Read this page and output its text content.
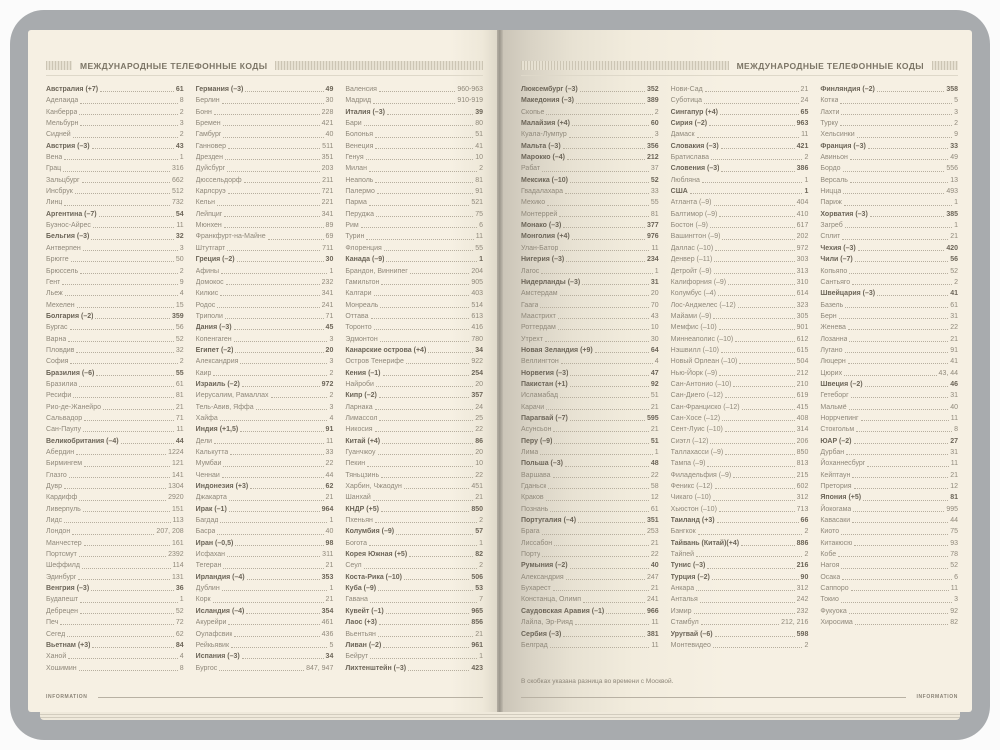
МЕЖДУНАРОДНЫЕ ТЕЛЕФОННЫЕ КОДЫ
Австралия (+7)	61
Аделаида	8
Канберра	2
Мельбурн	3
Сидней	2
Австрия (–3)	43
Вена	1
Грац	316
Зальцбург	662
Инсбрук	512
Линц	732
Аргентина (–7)	54
Буэнос-Айрес	11
Бельгия (–3)	32
Антверпен	3
Брюгге	50
Брюссель	2
Гент	9
Льеж	4
Мехелен	15
Болгария (–2)	359
Бургас	56
Варна	52
Пловдив	32
София	2
Бразилия (–6)	55
Бразилиа	61
Ресифи	81
Рио-де-Жанейро	21
Сальвадор	71
Сан-Паулу	11
Великобритания (–4)	44
Абердин	1224
Бирмингем	121
Глазго	141
Дувр	1304
Кардифф	2920
Ливерпуль	151
Лидс	113
Лондон	207, 208
Манчестер	161
Портсмут	2392
Шеффилд	114
Эдинбург	131
Венгрия (–3)	36
Будапешт	1
Дебрецен	52
Печ	72
Сегед	62
Вьетнам (+3)	84
Ханой	4
Хошимин	8
Германия (–3)	49
Берлин	30
Бонн	228
Бремен	421
Гамбург	40
Ганновер	511
Дрезден	351
Дуйсбург	203
Дюссельдорф	211
Карлсруэ	721
Кельн	221
Лейпциг	341
Мюнхен	89
Франкфурт-на-Майне	69
Штутгарт	711
Греция (–2)	30
Афины	1
Домокос	232
Килкис	341
Родос	241
Триполи	71
Дания (–3)	45
Копенгаген	3
Египет (–2)	20
Александрия	3
Каир	2
Израиль (–2)	972
Иерусалим, Рамаллах	2
Тель-Авив, Яффа	3
Хайфа	4
Индия (+1,5)	91
Дели	11
Калькутта	33
Мумбаи	22
Ченнаи	44
Индонезия (+3)	62
Джакарта	21
Ирак (–1)	964
Багдад	1
Басра	40
Иран (–0,5)	98
Исфахан	311
Тегеран	21
Ирландия (–4)	353
Дублин	1
Корк	21
Исландия (–4)	354
Акурейри	461
Оулафсвик	436
Рейкьявик	5
Испания (–3)	34
Бургос	847, 947
Валенсия	960-963
Мадрид	910-919
Италия (–3)	39
Бари	80
Болонья	51
Венеция	41
Генуя	10
Милан	2
Неаполь	81
Палермо	91
Парма	521
Перуджа	75
Рим	6
Турин	11
Флоренция	55
Канада (–9)	1
Брандон, Виннипег	204
Гамильтон	905
Калгари	403
Монреаль	514
Оттава	613
Торонто	416
Эдмонтон	780
Канарские острова (+4)	34
Остров Тенерифе	922
Кения (–1)	254
Найроби	20
Кипр (–2)	357
Ларнака	24
Лимассол	25
Никосия	22
Китай (+4)	86
Гуанчжоу	20
Пекин	10
Тяньцзинь	22
Харбин, Чжаодун	451
Шанхай	21
КНДР (+5)	850
Пхеньян	2
Колумбия (–9)	57
Богота	1
Корея Южная (+5)	82
Сеул	2
Коста-Рика (–10)	506
Куба (–9)	53
Гавана	7
Кувейт (–1)	965
Лаос (+3)	856
Вьентьян	21
Ливан (–2)	961
Бейрут	1
Лихтенштейн (–3)	423
INFORMATION
МЕЖДУНАРОДНЫЕ ТЕЛЕФОННЫЕ КОДЫ
Люксембург (–3)	352
Македония (–3)	389
Скопье	2
Малайзия (+4)	60
Куала-Лумпур	3
Мальта (–3)	356
Марокко (–4)	212
Рабат	37
Мексика (–10)	52
Гвадалахара	33
Мехико	55
Монтеррей	81
Монако (–3)	377
Монголия (+4)	976
Улан-Батор	11
Нигерия (–3)	234
Лагос	1
Нидерланды (–3)	31
Амстердам	20
Гаага	70
Маастрихт	43
Роттердам	10
Утрехт	30
Новая Зеландия (+9)	64
Веллингтон	4
Норвегия (–3)	47
Пакистан (+1)	92
Исламабад	51
Карачи	21
Парагвай (–7)	595
Асунсьон	21
Перу (–9)	51
Лима	1
Польша (–3)	48
Варшава	22
Гданьск	58
Краков	12
Познань	61
Португалия (–4)	351
Брага	253
Лиссабон	21
Порту	22
Румыния (–2)	40
Александрия	247
Бухарест	21
Констанца, Олимп	241
Саудовская Аравия (–1)	966
Лайла, Эр-Рияд	11
Сербия (–3)	381
Белград	11
Нови-Сад	21
Суботица	24
Сингапур (+4)	65
Сирия (–2)	963
Дамаск	11
Словакия (–3)	421
Братислава	2
Словения (–3)	386
Любляна	1
США	1
Атланта (–9)	404
Балтимор (–9)	410
Бостон (–9)	617
Вашингтон (–9)	202
Даллас (–10)	972
Денвер (–11)	303
Детройт (–9)	313
Калифорния (–9)	310
Колумбус (–4)	614
Лос-Анджелес (–12)	323
Майами (–9)	305
Мемфис (–10)	901
Миннеаполис (–10)	612
Нэшвилл (–10)	615
Новый Орлеан (–10)	504
Нью-Йорк (–9)	212
Сан-Антонио (–10)	210
Сан-Диего (–12)	619
Сан-Франциско (–12)	415
Сан-Хосе (–12)	408
Сент-Луис (–10)	314
Сиэтл (–12)	206
Таллахасси (–9)	850
Тампа (–9)	813
Филадельфия (–9)	215
Феникс (–12)	602
Чикаго (–10)	312
Хьюстон (–10)	713
Таиланд (+3)	66
Бангкок	2
Тайвань (Китай)(+4)	886
Тайпей	2
Тунис (–3)	216
Турция (–2)	90
Анкара	312
Анталья	242
Измир	232
Стамбул	212, 216
Уругвай (–6)	598
Монтевидео	2
Финляндия (–2)	358
Котка	5
Лахти	3
Турку	2
Хельсинки	9
Франция (–3)	33
Авиньон	49
Бордо	556
Версаль	13
Ницца	493
Париж	1
Хорватия (–3)	385
Загреб	1
Сплит	21
Чехия (–3)	420
Чили (–7)	56
Копьяпо	52
Сантьяго	2
Швейцария (–3)	41
Базель	61
Берн	31
Женева	22
Лозанна	21
Лугано	91
Люцерн	41
Цюрих	43, 44
Швеция (–2)	46
Гетеборг	31
Мальмё	40
Норрчепинг	11
Стокгольм	8
ЮАР (–2)	27
Дурбан	31
Йоханнесбург	11
Кейптаун	21
Претория	12
Япония (+5)	81
Йокогама	995
Кавасаки	44
Киото	75
Китакюсю	93
Кобе	78
Нагоя	52
Осака	6
Саппоро	11
Токио	3
Фукуока	92
Хиросима	82
В скобках указана разница во времени с Москвой.
INFORMATION
